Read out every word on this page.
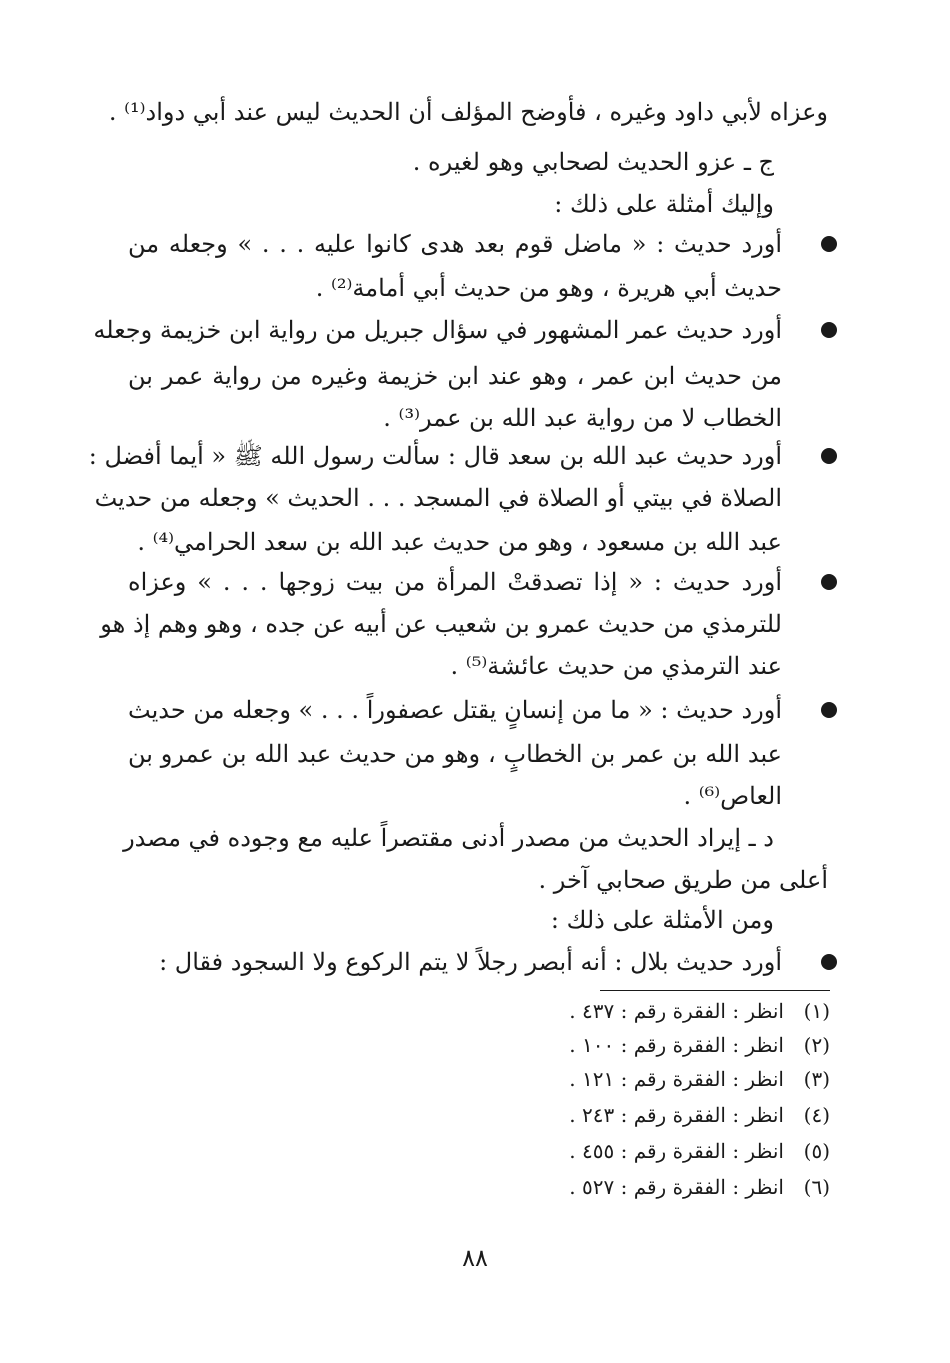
وعزاه لأبي داود وغيره ، فأوضح المؤلف أن الحديث ليس عند أبي دواد⁽¹⁾ .
ج ـ عزو الحديث لصحابي وهو لغيره .
وإليك أمثلة على ذلك :
أورد حديث : « ماضل قوم بعد هدى كانوا عليه . . . » وجعله من
حديث أبي هريرة ، وهو من حديث أبي أمامة⁽²⁾ .
أورد حديث عمر المشهور في سؤال جبريل من رواية ابن خزيمة وجعله
من حديث ابن عمر ، وهو عند ابن خزيمة وغيره من رواية عمر بن
الخطاب لا من رواية عبد الله بن عمر⁽³⁾ .
أورد حديث عبد الله بن سعد قال : سألت رسول الله ﷺ « أيما أفضل :
الصلاة في بيتي أو الصلاة في المسجد . . . الحديث » وجعله من حديث
عبد الله بن مسعود ، وهو من حديث عبد الله بن سعد الحرامي⁽⁴⁾ .
أورد حديث : « إذا تصدقتْ المرأة من بيت زوجها . . . » وعزاه
للترمذي من حديث عمرو بن شعيب عن أبيه عن جده ، وهو وهم إذ هو
عند الترمذي من حديث عائشة⁽⁵⁾ .
أورد حديث : « ما من إنسانٍ يقتل عصفوراً . . . » وجعله من حديث
عبد الله بن عمر بن الخطابٍ ، وهو من حديث عبد الله بن عمرو بن
العاص⁽⁶⁾ .
د ـ إيراد الحديث من مصدر أدنى مقتصراً عليه مع وجوده في مصدر
أعلى من طريق صحابي آخر .
ومن الأمثلة على ذلك :
أورد حديث بلال : أنه أبصر رجلاً لا يتم الركوع ولا السجود فقال :
(١)انظر : الفقرة رقم : ٤٣٧ .
(٢)انظر : الفقرة رقم : ١٠٠ .
(٣)انظر : الفقرة رقم : ١٢١ .
(٤)انظر : الفقرة رقم : ٢٤٣ .
(٥)انظر : الفقرة رقم : ٤٥٥ .
(٦)انظر : الفقرة رقم : ٥٢٧ .
٨٨
